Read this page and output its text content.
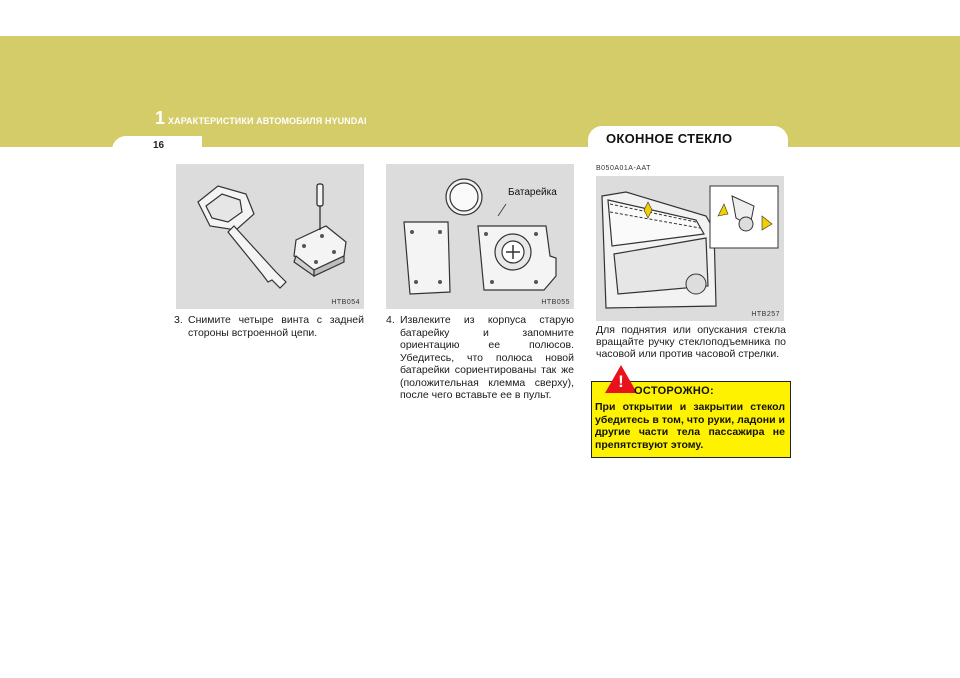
1 ХАРАКТЕРИСТИКИ АВТОМОБИЛЯ HYUNDAI
16	ОКОННОЕ СТЕКЛО
HTB054
Батарейка
HTB055
HTB257
3. Снимите четыре винта с задней стороны встроенной цепи.
4. Извлеките из корпуса старую батарейку и запомните ориентацию ее полюсов. Убедитесь, что полюса новой батарейки сориентированы так же (положительная клемма сверху), после чего вставьте ее в пульт.
B050A01A-AAT
Для поднятия или опускания стекла вращайте ручку стеклоподъемника по часовой или против часовой стрелки.
! ОСТОРОЖНО:
При открытии и закрытии стекол убедитесь в том, что руки, ладони и другие части тела пассажира не препятствуют этому.
